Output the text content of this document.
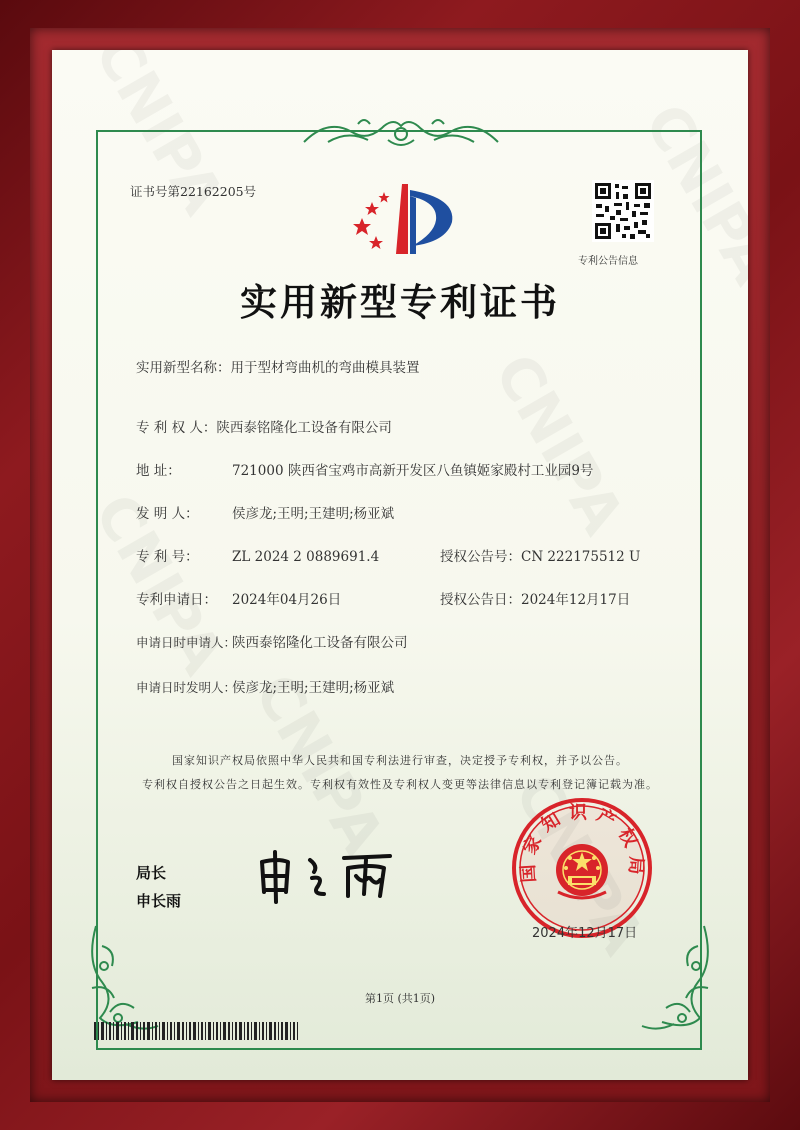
证书号第22162205号
专利公告信息
实用新型专利证书
实用新型名称：用于型材弯曲机的弯曲模具装置
专 利 权 人：陕西泰铭隆化工设备有限公司
地 址：	721000 陕西省宝鸡市高新开发区八鱼镇姬家殿村工业园9号
发 明 人： 侯彦龙;王明;王建明;杨亚斌
专 利 号： ZL 2024 2 0889691.4	授权公告号：CN 222175512 U
专利申请日： 2024年04月26日	授权公告日：2024年12月17日
申请日时申请人：陕西泰铭隆化工设备有限公司
申请日时发明人：侯彦龙;王明;王建明;杨亚斌
国家知识产权局依照中华人民共和国专利法进行审查，决定授予专利权，并予以公告。
专利权自授权公告之日起生效。专利权有效性及专利权人变更等法律信息以专利登记簿记载为准。
局长
申长雨
国家知识产权局
2024年12月17日
第1页 (共1页)
